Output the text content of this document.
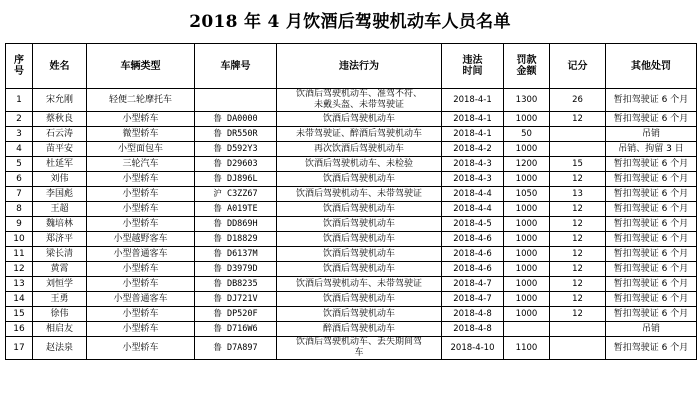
2018 年 4 月饮酒后驾驶机动车人员名单
序
号	姓名	车辆类型	车牌号	违法行为	违法
时间	罚款
金额	记分	其他处罚
1	宋允刚	轻便二轮摩托车		饮酒后驾驶机动车、准驾不符、
未戴头盔、未带驾驶证	2018-4-1	1300	26	暂扣驾驶证 6 个月
2	蔡秋良	小型轿车	鲁 DA0000	饮酒后驾驶机动车	2018-4-1	1000	12	暂扣驾驶证 6 个月
3	石云涛	微型轿车	鲁 DR550R	未带驾驶证、醉酒后驾驶机动车	2018-4-1	50		吊销
4	苗平安	小型面包车	鲁 D592Y3	再次饮酒后驾驶机动车	2018-4-2	1000		吊销、拘留 3 日
5	杜延军	三轮汽车	鲁 D29603	饮酒后驾驶机动车、未检验	2018-4-3	1200	15	暂扣驾驶证 6 个月
6	刘伟	小型轿车	鲁 DJ896L	饮酒后驾驶机动车	2018-4-3	1000	12	暂扣驾驶证 6 个月
7	李国彪	小型轿车	沪 C3ZZ67	饮酒后驾驶机动车、未带驾驶证	2018-4-4	1050	13	暂扣驾驶证 6 个月
8	王超	小型轿车	鲁 A019TE	饮酒后驾驶机动车	2018-4-4	1000	12	暂扣驾驶证 6 个月
9	魏培林	小型轿车	鲁 DD869H	饮酒后驾驶机动车	2018-4-5	1000	12	暂扣驾驶证 6 个月
10	郑济平	小型越野客车	鲁 D18829	饮酒后驾驶机动车	2018-4-6	1000	12	暂扣驾驶证 6 个月
11	梁长清	小型普通客车	鲁 D6137M	饮酒后驾驶机动车	2018-4-6	1000	12	暂扣驾驶证 6 个月
12	黄霄	小型轿车	鲁 D3979D	饮酒后驾驶机动车	2018-4-6	1000	12	暂扣驾驶证 6 个月
13	刘恒学	小型轿车	鲁 DB8235	饮酒后驾驶机动车、未带驾驶证	2018-4-7	1000	12	暂扣驾驶证 6 个月
14	王勇	小型普通客车	鲁 DJ721V	饮酒后驾驶机动车	2018-4-7	1000	12	暂扣驾驶证 6 个月
15	徐伟	小型轿车	鲁 DP520F	饮酒后驾驶机动车	2018-4-8	1000	12	暂扣驾驶证 6 个月
16	相启友	小型轿车	鲁 D716W6	醉酒后驾驶机动车	2018-4-8			吊销
17	赵法泉	小型轿车	鲁 D7A897	饮酒后驾驶机动车、丢失期间驾
车	2018-4-10	1100		暂扣驾驶证 6 个月
